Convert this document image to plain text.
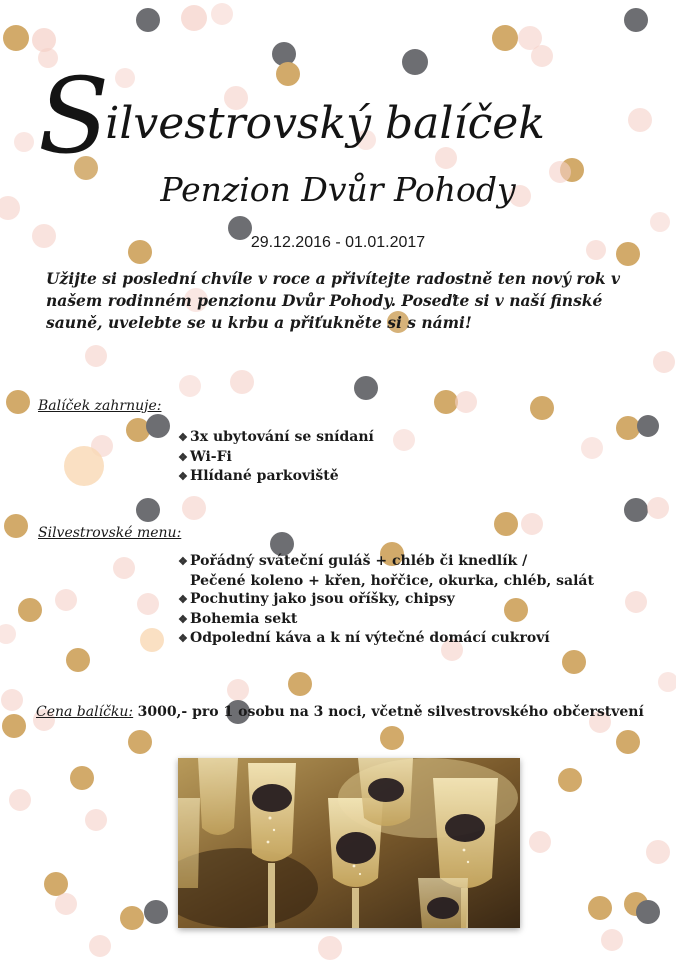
Silvestrovský balíček
Penzion Dvůr Pohody
29.12.2016 - 01.01.2017
Užijte si poslední chvíle v roce a přivítejte radostně ten nový rok v našem rodinném penzionu Dvůr Pohody. Poseďte si v naší finské sauně, uvelebte se u krbu a přiťukněte si s námi!
Balíček zahrnuje:
❖ 3x ubytování se snídaní
❖ Wi-Fi
❖ Hlídané parkoviště
Silvestrovské menu:
❖ Pořádný sváteční guláš + chléb či knedlík /
Pečené koleno + křen, hořčice, okurka, chléb, salát
❖ Pochutiny jako jsou oříšky, chipsy
❖ Bohemia sekt
❖ Odpolední káva a k ní výtečné domácí cukroví
Cena balíčku: 3000,- pro 1 osobu na 3 noci, včetně silvestrovského občerstvení
